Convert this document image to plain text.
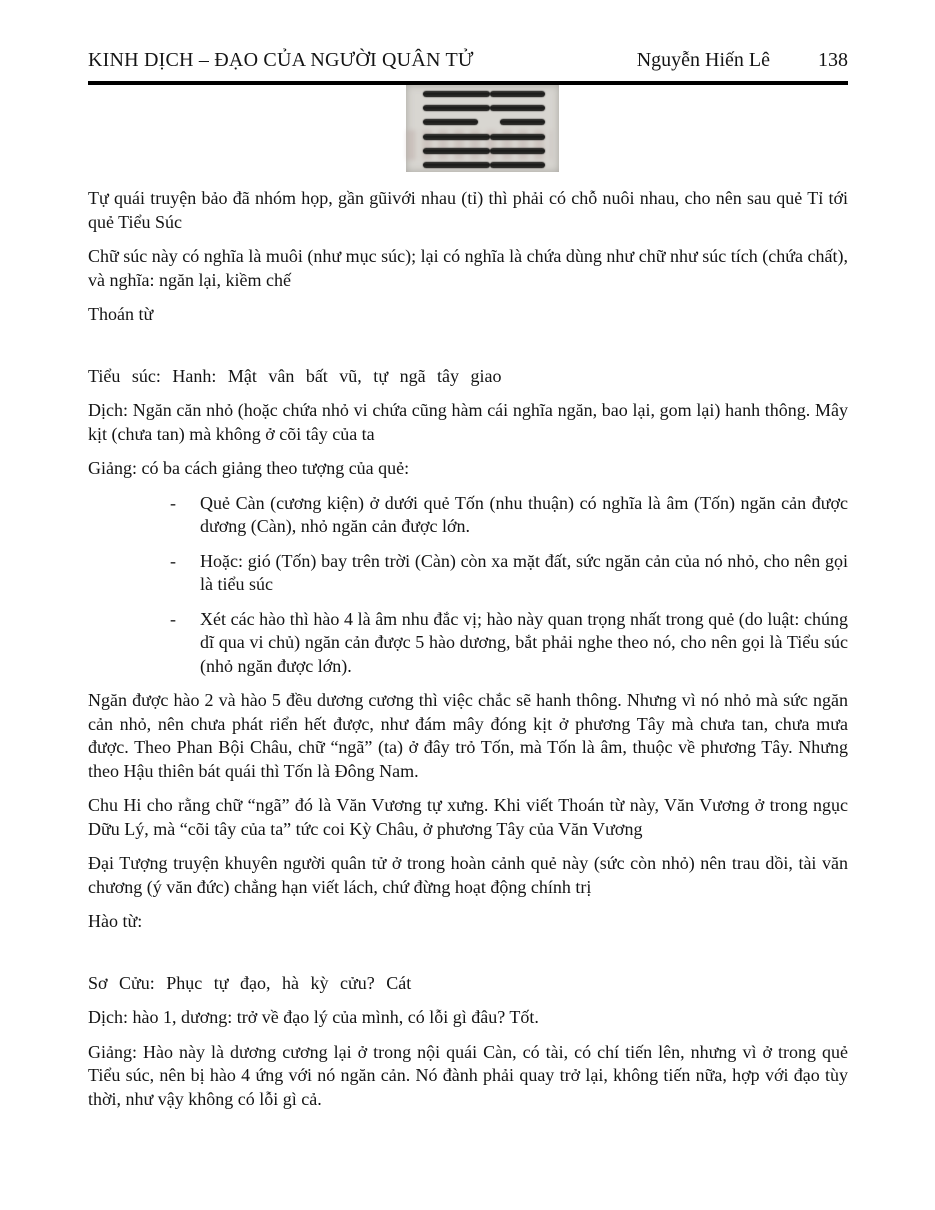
KINH DỊCH – ĐẠO CỦA NGƯỜI QUÂN TỬ	Nguyễn Hiến Lê	138

Tự quái truyện bảo đã nhóm họp, gần gũivới nhau (tỉ) thì phải có chỗ nuôi nhau, cho nên sau quẻ Tỉ tới quẻ Tiểu Súc

Chữ súc này có nghĩa là muôi (như mục súc); lại có nghĩa là chứa dùng như chữ như súc tích (chứa chất), và nghĩa: ngăn lại, kiềm chế

Thoán từ

Tiểu súc: Hanh: Mật vân bất vũ, tự ngã tây giao

Dịch: Ngăn căn nhỏ (hoặc chứa nhỏ vi chứa cũng hàm cái nghĩa ngăn, bao lại, gom lại) hanh thông. Mây kịt (chưa tan) mà không ở cõi tây của ta

Giảng: có ba cách giảng theo tượng của quẻ:

-	Quẻ Càn (cương kiện) ở dưới quẻ Tốn (nhu thuận) có nghĩa là âm (Tốn) ngăn cản được dương (Càn), nhỏ ngăn cản được lớn.
-	Hoặc: gió (Tốn) bay trên trời (Càn) còn xa mặt đất, sức ngăn cản của nó nhỏ, cho nên gọi là tiểu súc
-	Xét các hào thì hào 4 là âm nhu đắc vị; hào này quan trọng nhất trong quẻ (do luật: chúng dĩ qua vi chủ) ngăn cản được 5 hào dương, bắt phải nghe theo nó, cho nên gọi là Tiểu súc (nhỏ ngăn được lớn).

Ngăn được hào 2 và hào 5 đều dương cương thì việc chắc sẽ hanh thông. Nhưng vì nó nhỏ mà sức ngăn cản nhỏ, nên chưa phát riển hết được, như đám mây đóng kịt ở phương Tây mà chưa tan, chưa mưa được. Theo Phan Bội Châu, chữ “ngã” (ta) ở đây trỏ Tốn, mà Tốn là âm, thuộc về phương Tây. Nhưng theo Hậu thiên bát quái thì Tốn là Đông Nam.

Chu Hi cho rằng chữ “ngã” đó là Văn Vương tự xưng. Khi viết Thoán từ này, Văn Vương ở trong ngục Dữu Lý, mà “cõi tây của ta” tức coi Kỳ Châu, ở phương Tây của Văn Vương

Đại Tượng truyện khuyên người quân tử ở trong hoàn cảnh quẻ này (sức còn nhỏ) nên trau dồi, tài văn chương (ý văn đức) chẳng hạn viết lách, chứ đừng hoạt động chính trị

Hào từ:

Sơ Cửu: Phục tự đạo, hà kỳ cửu? Cát

Dịch: hào 1, dương: trở về đạo lý của mình, có lỗi gì đâu? Tốt.

Giảng: Hào này là dương cương lại ở trong nội quái Càn, có tài, có chí tiến lên, nhưng vì ở trong quẻ Tiểu súc, nên bị hào 4 ứng với nó ngăn cản. Nó đành phải quay trở lại, không tiến nữa, hợp với đạo tùy thời, như vậy không có lỗi gì cả.
